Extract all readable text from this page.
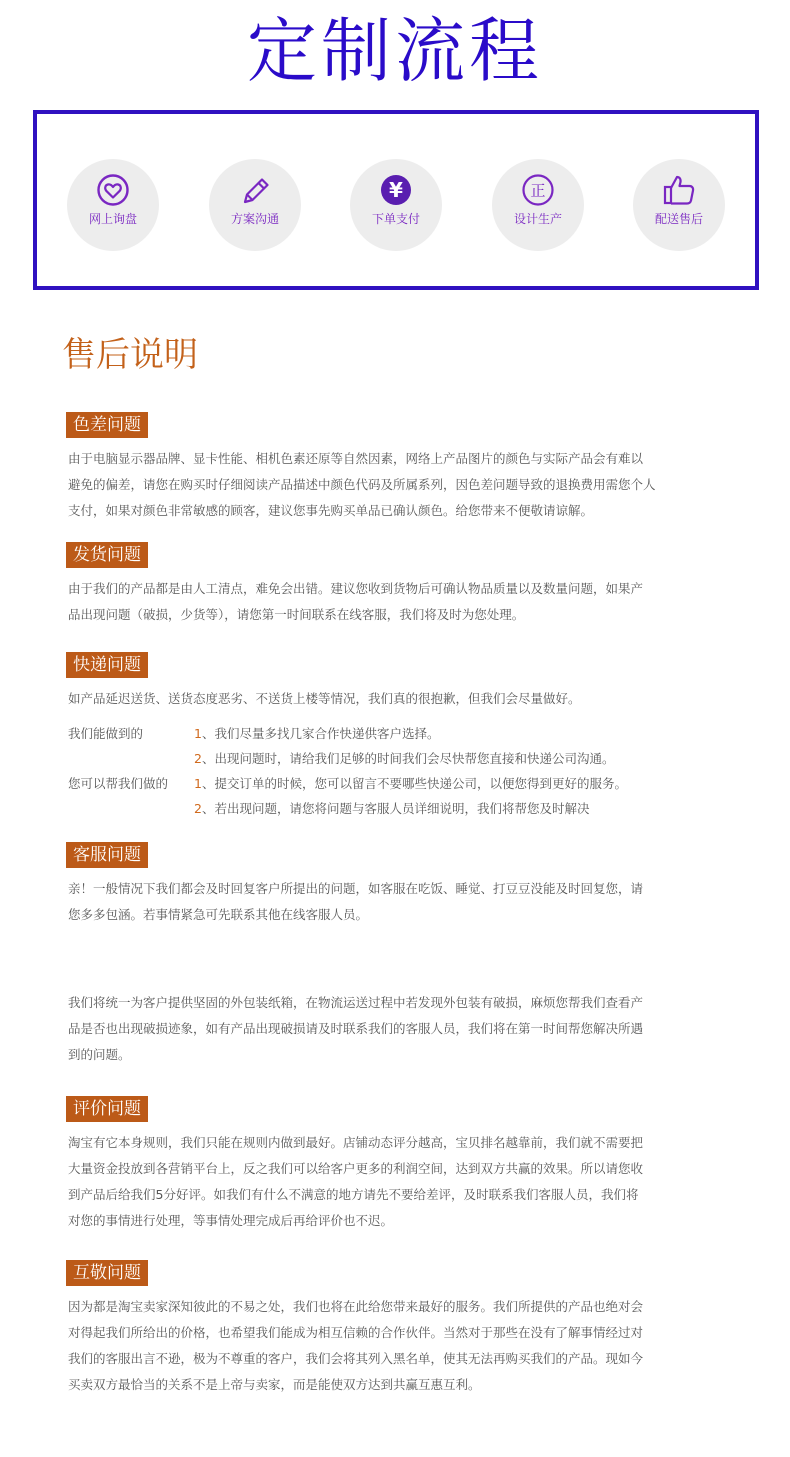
定制流程
网上询盘	方案沟通
¥
下单支付
正
设计生产	配送售后
售后说明
色差问题
由于电脑显示器品牌、显卡性能、相机色素还原等自然因素，网络上产品图片的颜色与实际产品会有难以
避免的偏差，请您在购买时仔细阅读产品描述中颜色代码及所属系列，因色差问题导致的退换费用需您个人
支付，如果对颜色非常敏感的顾客，建议您事先购买单品已确认颜色。给您带来不便敬请谅解。
发货问题
由于我们的产品都是由人工清点，难免会出错。建议您收到货物后可确认物品质量以及数量问题，如果产
品出现问题（破损，少货等），请您第一时间联系在线客服，我们将及时为您处理。
快递问题
如产品延迟送货、送货态度恶劣、不送货上楼等情况，我们真的很抱歉，但我们会尽量做好。
我们能做到的	1、我们尽量多找几家合作快递供客户选择。
2、出现问题时，请给我们足够的时间我们会尽快帮您直接和快递公司沟通。
您可以帮我们做的 1、提交订单的时候，您可以留言不要哪些快递公司，以便您得到更好的服务。
2、若出现问题，请您将问题与客服人员详细说明，我们将帮您及时解决
客服问题
亲！一般情况下我们都会及时回复客户所提出的问题，如客服在吃饭、睡觉、打豆豆没能及时回复您，请
您多多包涵。若事情紧急可先联系其他在线客服人员。
我们将统一为客户提供坚固的外包装纸箱，在物流运送过程中若发现外包装有破损，麻烦您帮我们查看产
品是否也出现破损迹象，如有产品出现破损请及时联系我们的客服人员，我们将在第一时间帮您解决所遇
到的问题。
评价问题
淘宝有它本身规则，我们只能在规则内做到最好。店铺动态评分越高，宝贝排名越靠前，我们就不需要把
大量资金投放到各营销平台上，反之我们可以给客户更多的利润空间，达到双方共赢的效果。所以请您收
到产品后给我们5分好评。如我们有什么不满意的地方请先不要给差评，及时联系我们客服人员，我们将
对您的事情进行处理，等事情处理完成后再给评价也不迟。
互敬问题
因为都是淘宝卖家深知彼此的不易之处，我们也将在此给您带来最好的服务。我们所提供的产品也绝对会
对得起我们所给出的价格，也希望我们能成为相互信赖的合作伙伴。当然对于那些在没有了解事情经过对
我们的客服出言不逊，极为不尊重的客户，我们会将其列入黑名单，使其无法再购买我们的产品。现如今
买卖双方最恰当的关系不是上帝与卖家，而是能使双方达到共赢互惠互利。
